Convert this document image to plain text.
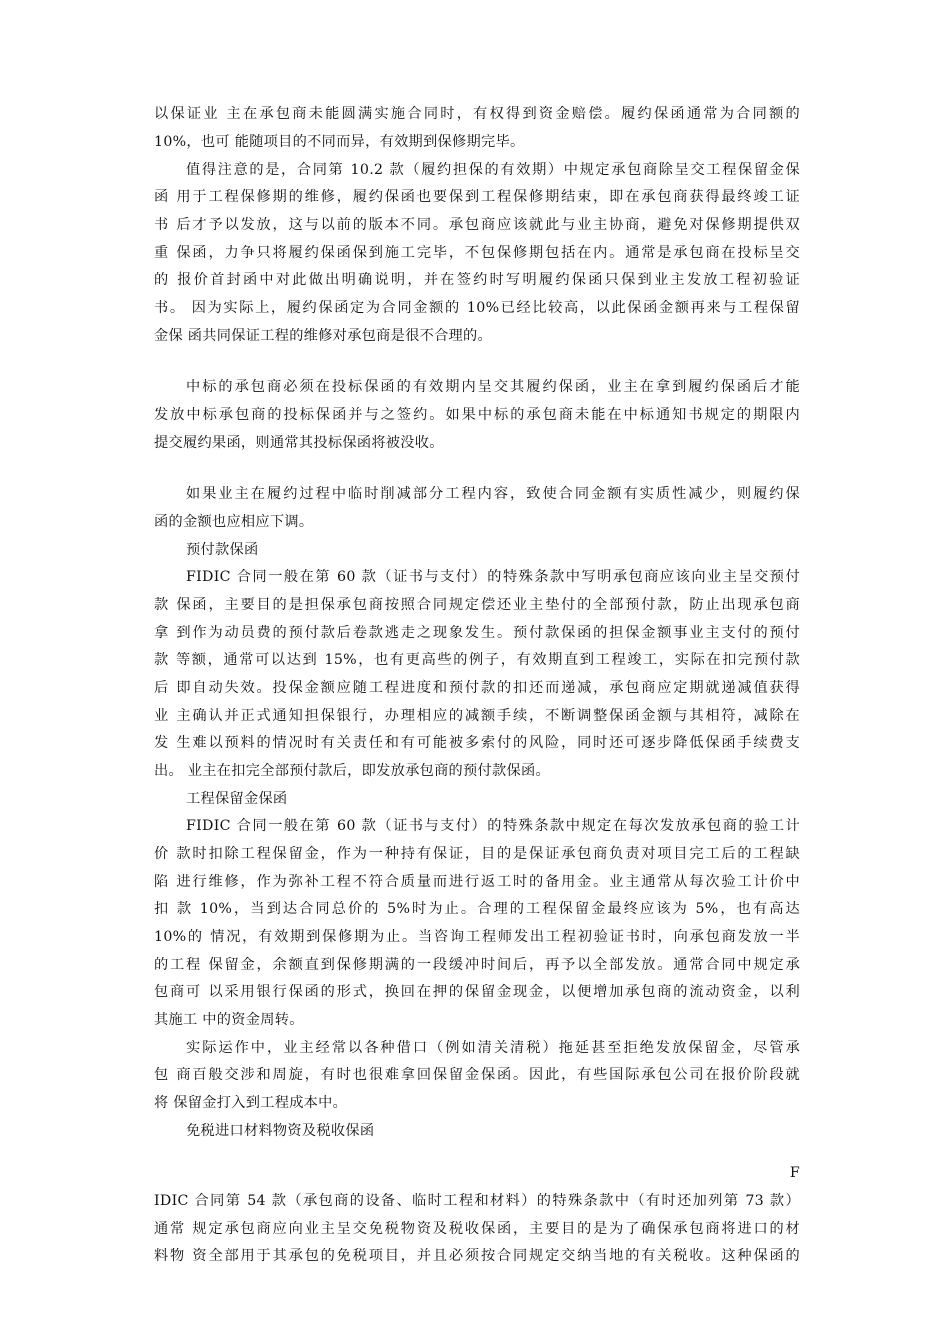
以保证业 主在承包商未能圆满实施合同时，有权得到资金赔偿。履约保函通常为合同额的
10%，也可 能随项目的不同而异，有效期到保修期完毕。
值得注意的是，合同第 10.2 款（履约担保的有效期）中规定承包商除呈交工程保留金保
函 用于工程保修期的维修，履约保函也要保到工程保修期结束，即在承包商获得最终竣工证
书 后才予以发放，这与以前的版本不同。承包商应该就此与业主协商，避免对保修期提供双
重 保函，力争只将履约保函保到施工完毕，不包保修期包括在内。通常是承包商在投标呈交
的 报价首封函中对此做出明确说明，并在签约时写明履约保函只保到业主发放工程初验证
书。 因为实际上，履约保函定为合同金额的 10%已经比较高，以此保函金额再来与工程保留
金保 函共同保证工程的维修对承包商是很不合理的。
中标的承包商必须在投标保函的有效期内呈交其履约保函，业主在拿到履约保函后才能
发放中标承包商的投标保函并与之签约。如果中标的承包商未能在中标通知书规定的期限内
提交履约果函，则通常其投标保函将被没收。
如果业主在履约过程中临时削减部分工程内容，致使合同金额有实质性减少，则履约保
函的金额也应相应下调。
预付款保函
FIDIC 合同一般在第 60 款（证书与支付）的特殊条款中写明承包商应该向业主呈交预付
款 保函，主要目的是担保承包商按照合同规定偿还业主垫付的全部预付款，防止出现承包商
拿 到作为动员费的预付款后卷款逃走之现象发生。预付款保函的担保金额事业主支付的预付
款 等额，通常可以达到 15%，也有更高些的例子，有效期直到工程竣工，实际在扣完预付款
后 即自动失效。投保金额应随工程进度和预付款的扣还而递减，承包商应定期就递减值获得
业 主确认并正式通知担保银行，办理相应的减额手续，不断调整保函金额与其相符，减除在
发 生难以预料的情况时有关责任和有可能被多索付的风险，同时还可逐步降低保函手续费支
出。 业主在扣完全部预付款后，即发放承包商的预付款保函。
工程保留金保函
FIDIC 合同一般在第 60 款（证书与支付）的特殊条款中规定在每次发放承包商的验工计
价 款时扣除工程保留金，作为一种持有保证，目的是保证承包商负责对项目完工后的工程缺
陷 进行维修，作为弥补工程不符合质量而进行返工时的备用金。业主通常从每次验工计价中
扣 款 10%，当到达合同总价的 5%时为止。合理的工程保留金最终应该为 5%，也有高达
10%的 情况，有效期到保修期为止。当咨询工程师发出工程初验证书时，向承包商发放一半
的工程 保留金，余额直到保修期满的一段缓冲时间后，再予以全部发放。通常合同中规定承
包商可 以采用银行保函的形式，换回在押的保留金现金，以便增加承包商的流动资金，以利
其施工 中的资金周转。
实际运作中，业主经常以各种借口（例如清关清税）拖延甚至拒绝发放保留金，尽管承
包 商百般交涉和周旋，有时也很难拿回保留金保函。因此，有些国际承包公司在报价阶段就
将 保留金打入到工程成本中。
免税进口材料物资及税收保函
F
IDIC 合同第 54 款（承包商的设备、临时工程和材料）的特殊条款中（有时还加列第 73 款）
通常 规定承包商应向业主呈交免税物资及税收保函，主要目的是为了确保承包商将进口的材
料物 资全部用于其承包的免税项目，并且必须按合同规定交纳当地的有关税收。这种保函的
